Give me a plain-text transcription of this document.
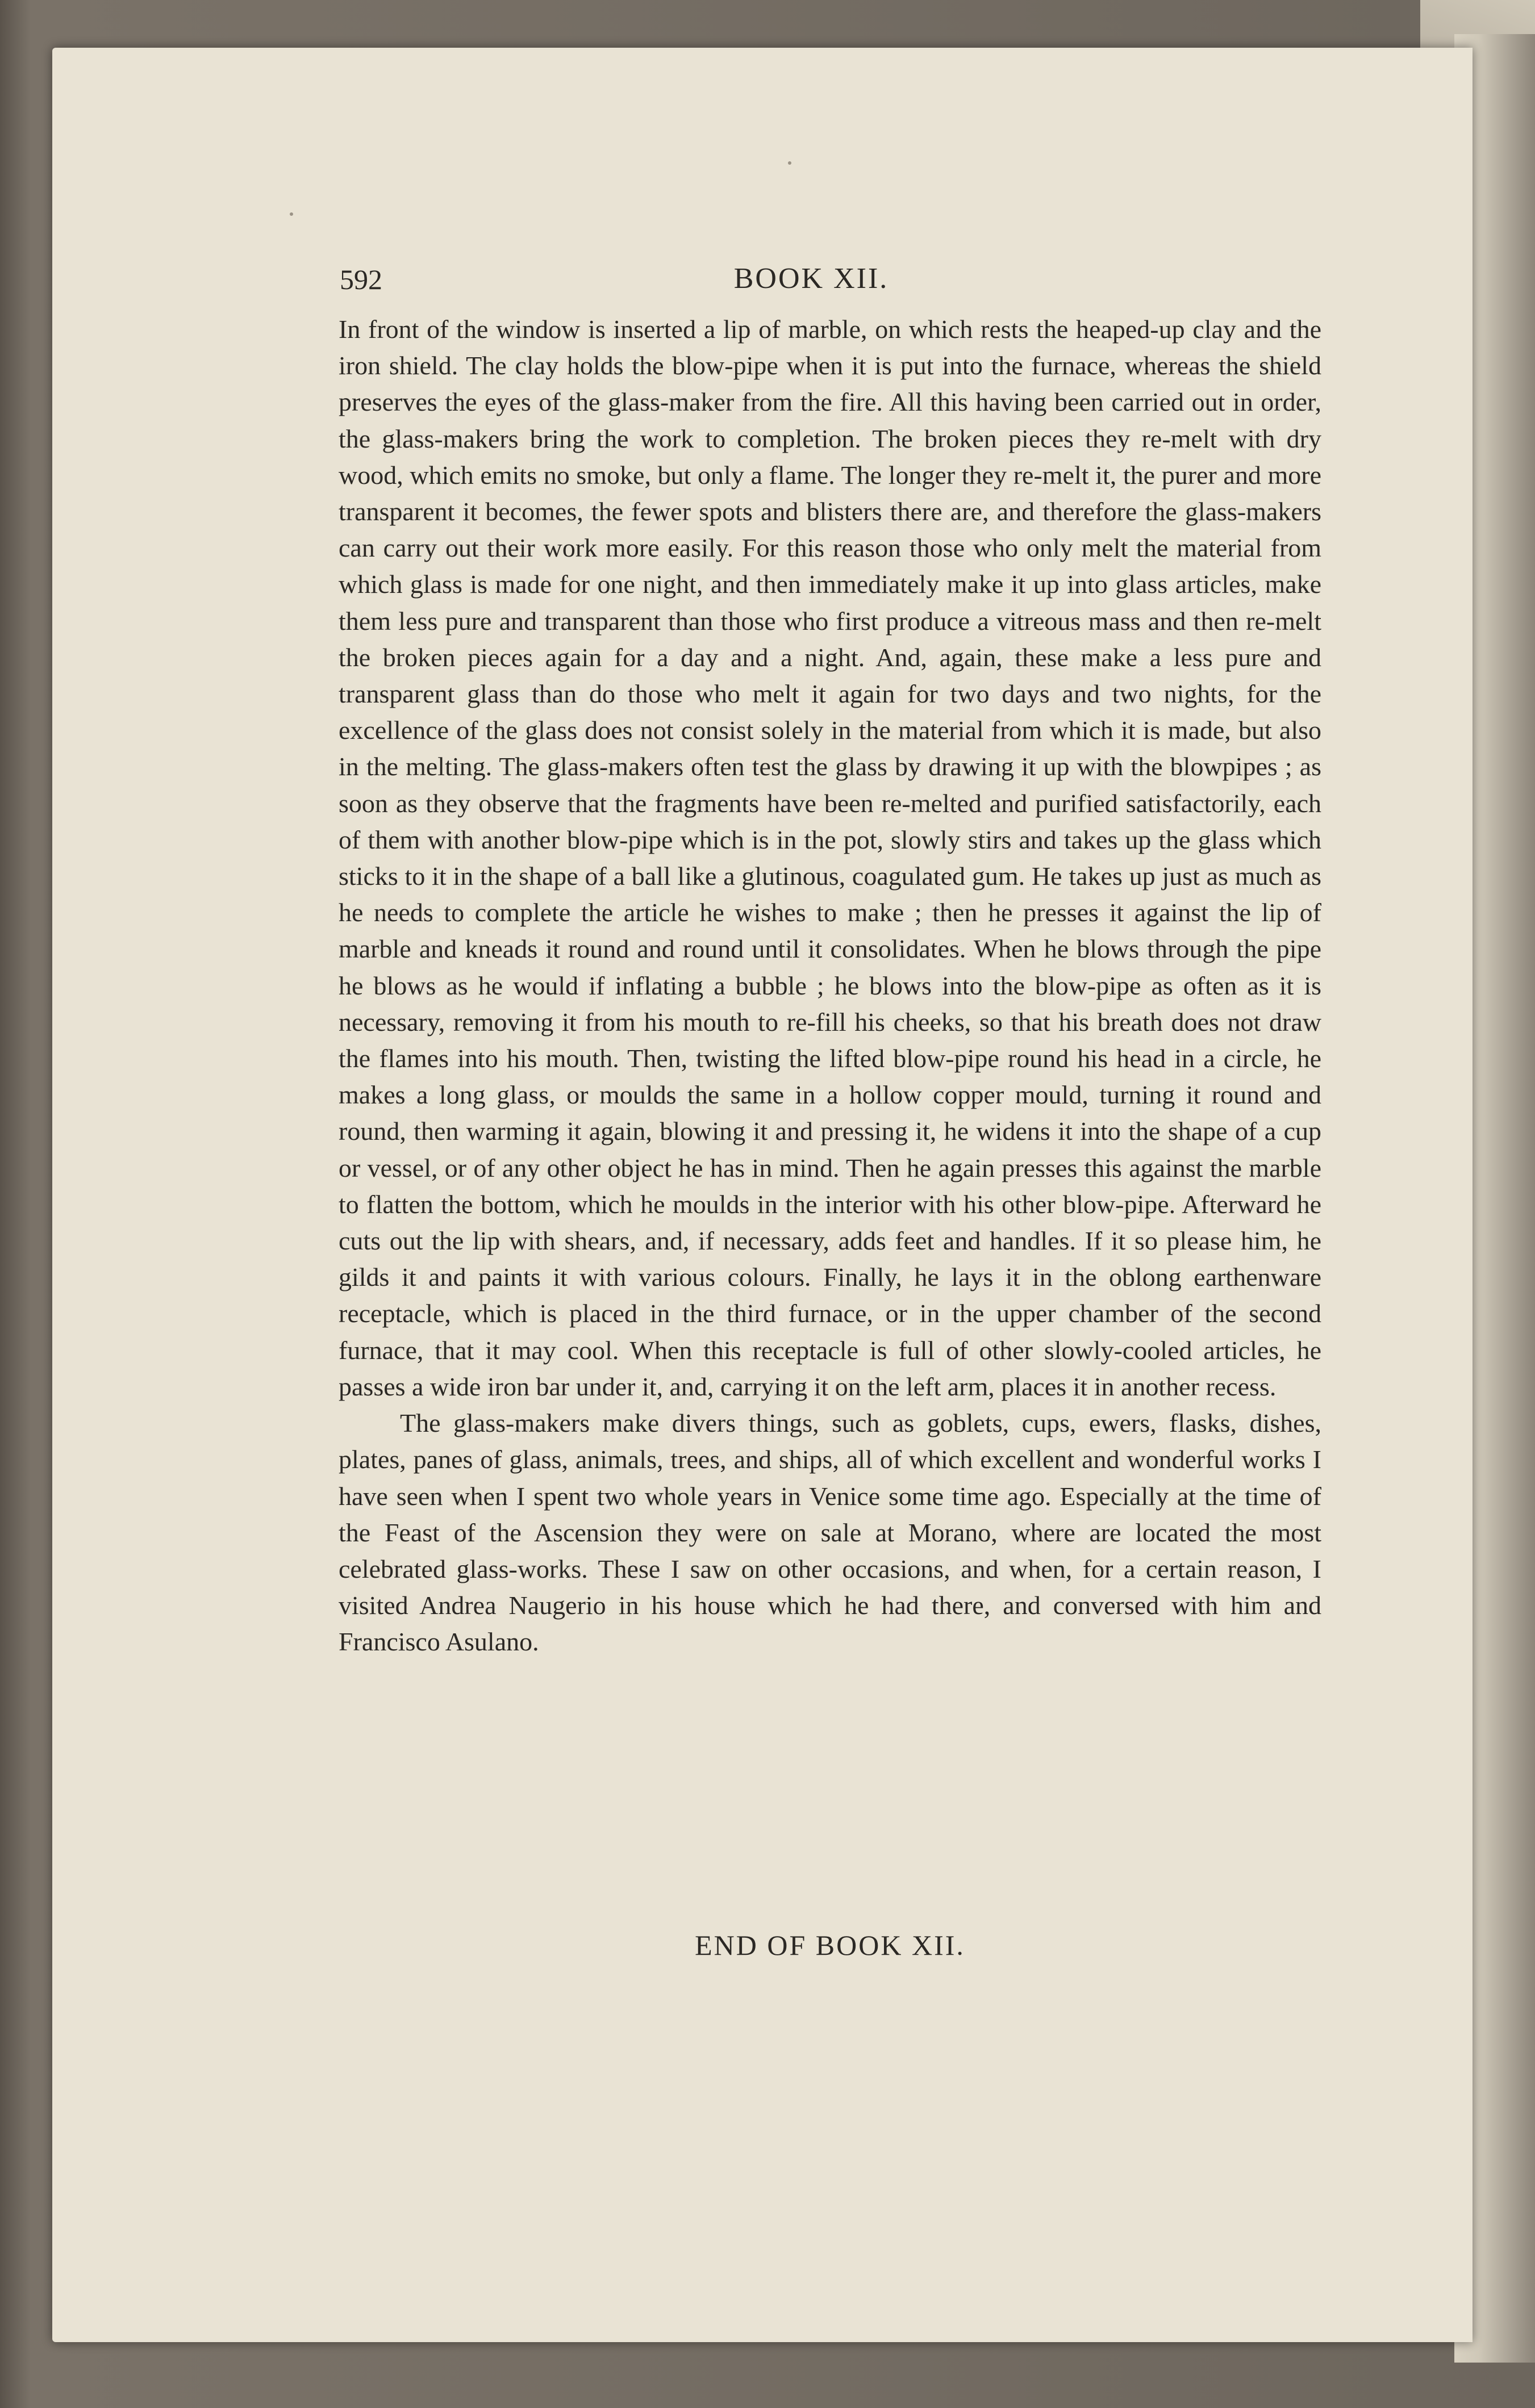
592	BOOK XII.

In front of the window is inserted a lip of marble, on which rests the heaped-up clay and the iron shield. The clay holds the blow-pipe when it is put into the furnace, whereas the shield preserves the eyes of the glass-maker from the fire. All this having been carried out in order, the glass-makers bring the work to completion. The broken pieces they re-melt with dry wood, which emits no smoke, but only a flame. The longer they re-melt it, the purer and more transparent it becomes, the fewer spots and blisters there are, and therefore the glass-makers can carry out their work more easily. For this reason those who only melt the material from which glass is made for one night, and then immediately make it up into glass articles, make them less pure and transparent than those who first produce a vitreous mass and then re-melt the broken pieces again for a day and a night. And, again, these make a less pure and transparent glass than do those who melt it again for two days and two nights, for the excellence of the glass does not consist solely in the material from which it is made, but also in the melting. The glass-makers often test the glass by drawing it up with the blowpipes ; as soon as they observe that the fragments have been re-melted and purified satisfactorily, each of them with another blow-pipe which is in the pot, slowly stirs and takes up the glass which sticks to it in the shape of a ball like a glutinous, coagulated gum. He takes up just as much as he needs to complete the article he wishes to make ; then he presses it against the lip of marble and kneads it round and round until it consolidates. When he blows through the pipe he blows as he would if inflating a bubble ; he blows into the blow-pipe as often as it is necessary, removing it from his mouth to re-fill his cheeks, so that his breath does not draw the flames into his mouth. Then, twisting the lifted blow-pipe round his head in a circle, he makes a long glass, or moulds the same in a hollow copper mould, turning it round and round, then warming it again, blowing it and pressing it, he widens it into the shape of a cup or vessel, or of any other object he has in mind. Then he again presses this against the marble to flatten the bottom, which he moulds in the interior with his other blow-pipe. Afterward he cuts out the lip with shears, and, if necessary, adds feet and handles. If it so please him, he gilds it and paints it with various colours. Finally, he lays it in the oblong earthenware receptacle, which is placed in the third furnace, or in the upper chamber of the second furnace, that it may cool. When this receptacle is full of other slowly-cooled articles, he passes a wide iron bar under it, and, carrying it on the left arm, places it in another recess.

The glass-makers make divers things, such as goblets, cups, ewers, flasks, dishes, plates, panes of glass, animals, trees, and ships, all of which excellent and wonderful works I have seen when I spent two whole years in Venice some time ago. Especially at the time of the Feast of the Ascension they were on sale at Morano, where are located the most celebrated glass-works. These I saw on other occasions, and when, for a certain reason, I visited Andrea Naugerio in his house which he had there, and conversed with him and Francisco Asulano.

END OF BOOK XII.
